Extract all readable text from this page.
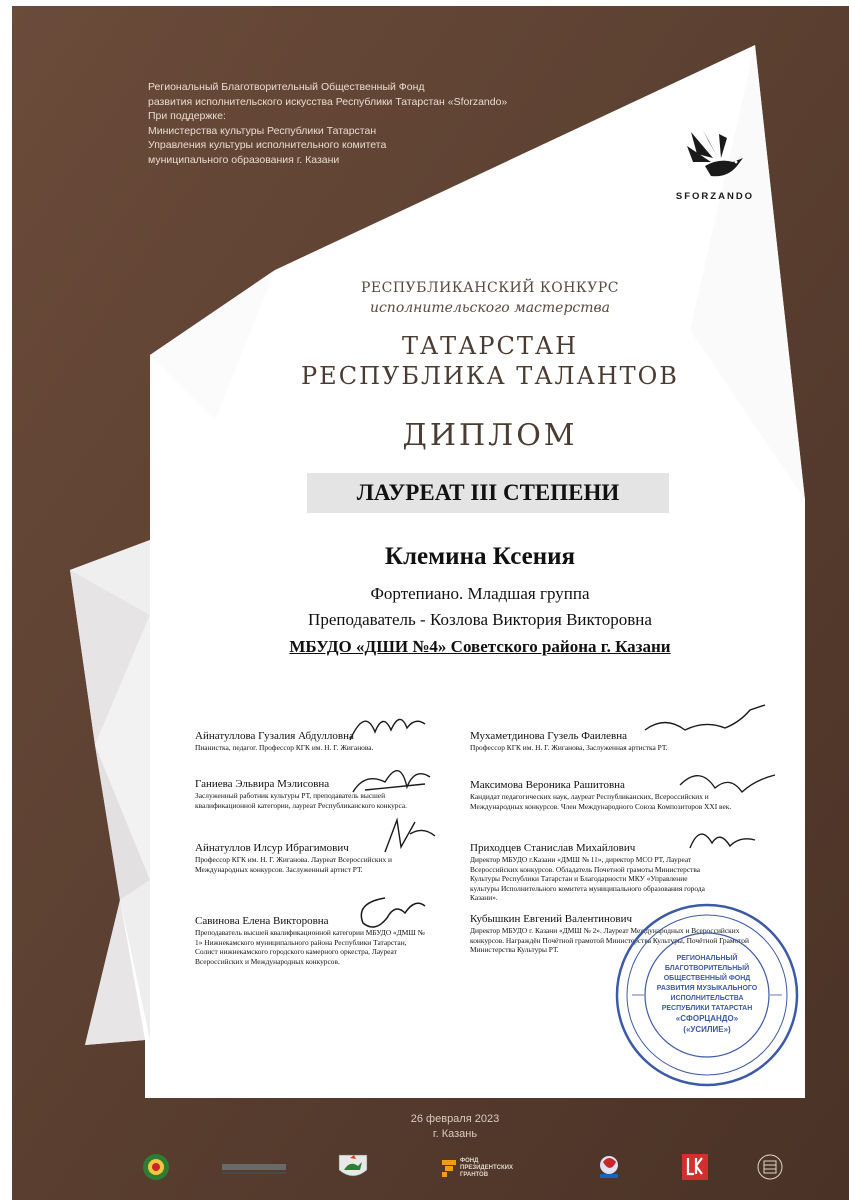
Региональный Благотворительный Общественный Фонд
развития исполнительского искусства Республики Татарстан «Sforzando»
При поддержке:
Министерства культуры Республики Татарстан
Управления культуры исполнительного комитета
муниципального образования г. Казани
SFORZANDO
РЕСПУБЛИКАНСКИЙ КОНКУРС
исполнительского мастерства
ТАТАРСТАН
РЕСПУБЛИКА ТАЛАНТОВ
ДИПЛОМ
ЛАУРЕАТ III СТЕПЕНИ
Клемина Ксения
Фортепиано. Младшая группа
Преподаватель - Козлова Виктория Викторовна
МБУДО «ДШИ №4» Советского района г. Казани
Айнатуллова Гузалия Абдулловна
Пианистка, педагог. Профессор КГК им. Н. Г. Жиганова.
Ганиева Эльвира Мэлисовна
Заслуженный работник культуры РТ, преподаватель высшей квалификационной категории, лауреат Республиканского конкурса.
Айнатуллов Илсур Ибрагимович
Профессор КГК им. Н. Г. Жиганова. Лауреат Всероссийских и Международных конкурсов. Заслуженный артист РТ.
Савинова Елена Викторовна
Преподаватель высшей квалификационной категории МБУДО «ДМШ № 1» Нижнекамского муниципального района Республики Татарстан, Солист нижнекамского городского камерного оркестра, Лауреат Всероссийских и Международных конкурсов.
Мухаметдинова Гузель Фаилевна
Профессор КГК им. Н. Г. Жиганова, Заслуженная артистка РТ.
Максимова Вероника Рашитовна
Кандидат педагогических наук, лауреат Республиканских, Всероссийских и Международных конкурсов. Член Международного Союза Композиторов XXI век.
Приходцев Станислав Михайлович
Директор МБУДО г.Казани «ДМШ № 11», директор МСО РТ, Лауреат Всероссийских конкурсов. Обладатель Почетной грамоты Министерства Культуры Республики Татарстан и Благодарности МКУ «Управление культуры Исполнительного комитета муниципального образования города Казани».
Кубышкин Евгений Валентинович
Директор МБУДО г. Казани «ДМШ № 2». Лауреат Международных и Всероссийских конкурсов. Награждён Почётной грамотой Министерства Культуры, Почётной Грамотой Министерства Культуры РТ.
РЕГИОНАЛЬНЫЙ
БЛАГОТВОРИТЕЛЬНЫЙ
ОБЩЕСТВЕННЫЙ ФОНД
РАЗВИТИЯ МУЗЫКАЛЬНОГО
ИСПОЛНИТЕЛЬСТВА
РЕСПУБЛИКИ ТАТАРСТАН
«СФОРЦАНДО»
(«УСИЛИЕ»)
26 февраля 2023
г. Казань
ФОНД ПРЕЗИДЕНТСКИХ ГРАНТОВ
